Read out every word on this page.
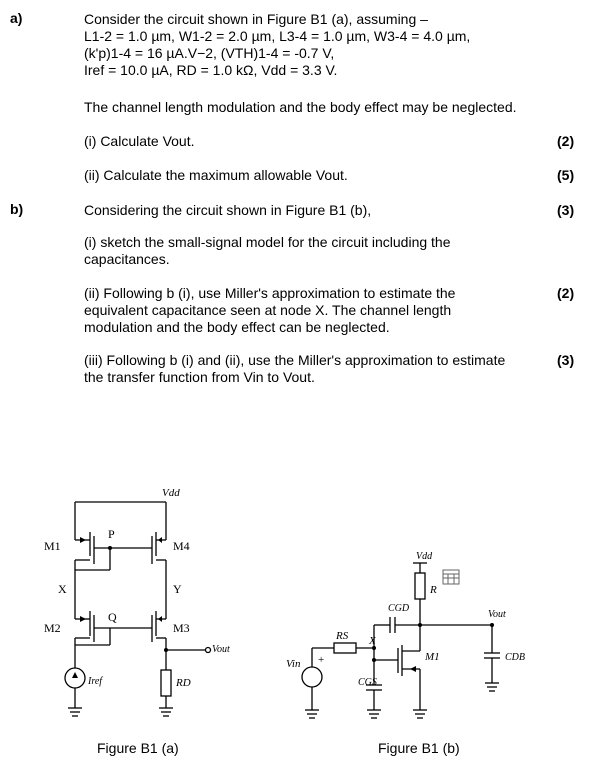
a)	Consider the circuit shown in Figure B1 (a), assuming –
L1-2 = 1.0 µm, W1-2 = 2.0 µm, L3-4 = 1.0 µm, W3-4 = 4.0 µm,
(k'p)1-4 = 16 µA.V−2, (VTH)1-4 = -0.7 V,
Iref = 10.0 µA, RD = 1.0 kΩ, Vdd = 3.3 V.
The channel length modulation and the body effect may be neglected.
(i) Calculate Vout.	(2)
(ii) Calculate the maximum allowable Vout.	(5)
b)	Considering the circuit shown in Figure B1 (b),	(3)
(i) sketch the small-signal model for the circuit including the
capacitances.
(ii) Following b (i), use Miller's approximation to estimate the	(2)
equivalent capacitance seen at node X. The channel length
modulation and the body effect can be neglected.
(iii) Following b (i) and (ii), use the Miller's approximation to estimate	(3)
the transfer function from Vin to Vout.
Vdd
M1	M4
P
X	Y
Q
M2	M3
Vout
Iref	RD
Figure B1 (a)
Vdd
R
CGD
Vout
RS X
M1	CDB
+
Vin
CGS
Figure B1 (b)
